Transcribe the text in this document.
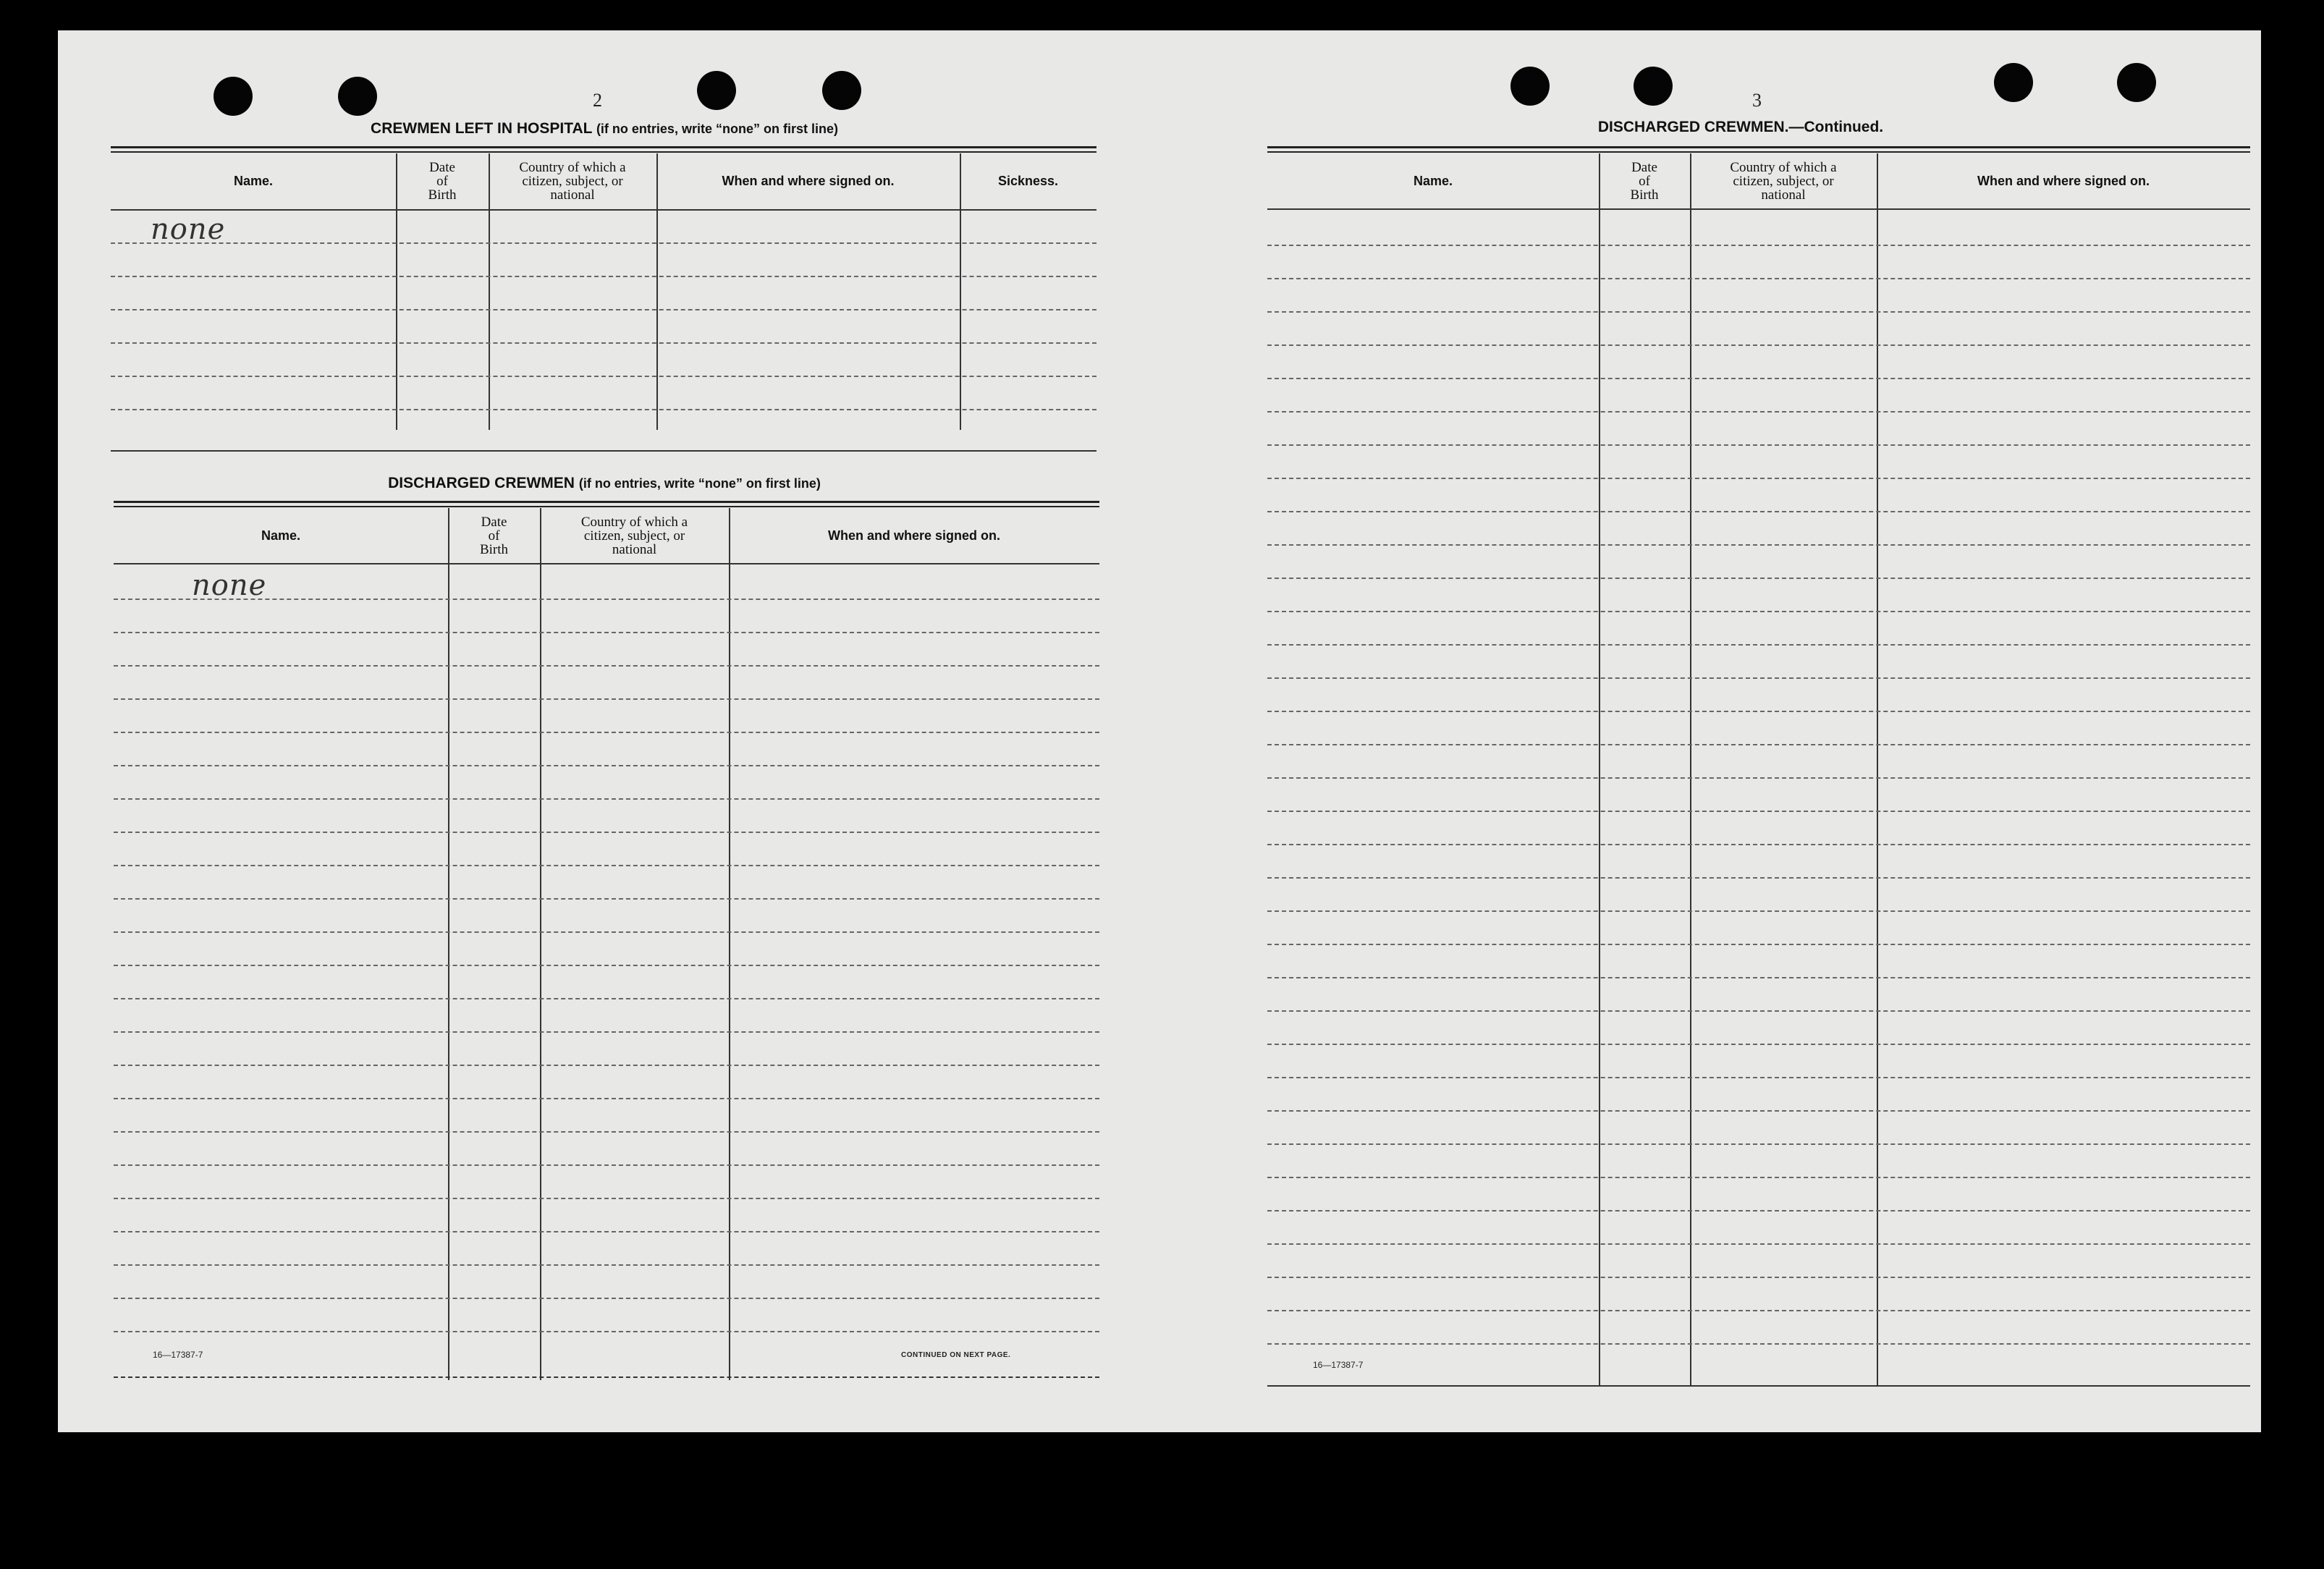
2
CREWMEN LEFT IN HOSPITAL (if no entries, write “none” on first line)
Name.
Date
of
Birth
Country of which a
citizen, subject, or
national
When and where signed on.	Sickness.
none
DISCHARGED CREWMEN (if no entries, write “none” on first line)
Name.
Date
of
Birth
Country of which a
citizen, subject, or
national
When and where signed on.
none
16—17387-7	CONTINUED ON NEXT PAGE.
3
DISCHARGED CREWMEN.—Continued.
Name.
Date
of
Birth
Country of which a
citizen, subject, or
national
When and where signed on.
16—17387-7
